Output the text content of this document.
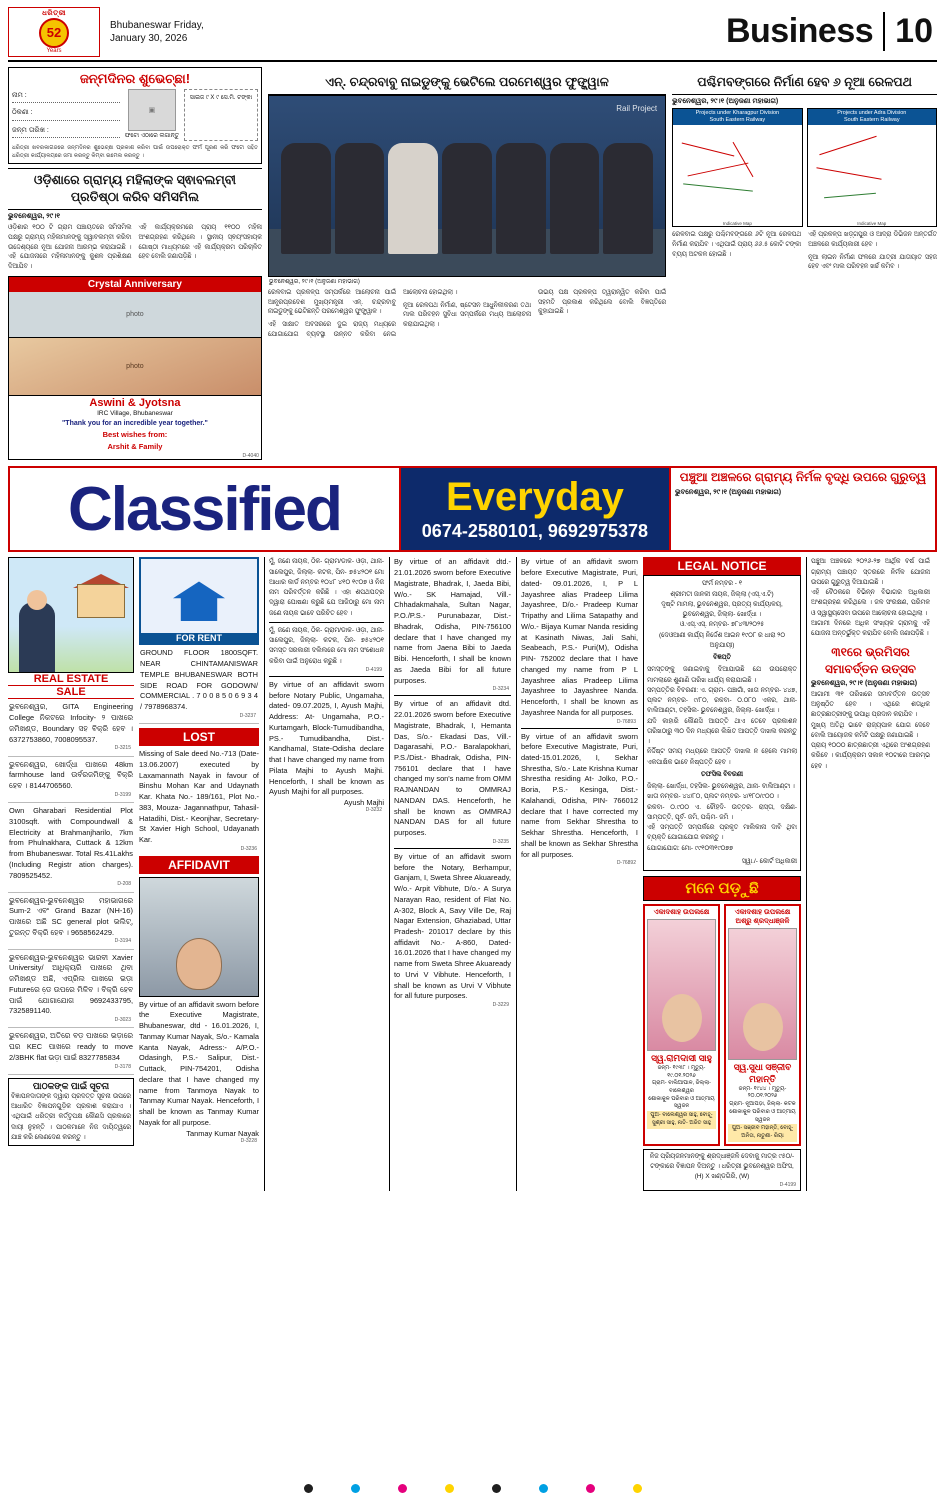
ଧରିତ୍ରୀ
52
Years
Bhubaneswar Friday,
January 30, 2026	Business 10
ଜନ୍ମଦିନର ଶୁଭେଚ୍ଛା!
ନାମ :
ଠିକଣା :
ଜନ୍ମ ତାରିଖ :
▣
ଫଟୋ ଏଠାରେ ଲଗାନ୍ତୁ
ସାଇଜ ୯ X ୯ ସେ.ମି. ଟଙ୍କା
ଧରିତ୍ରୀ ଖବରକାଗଜରେ ଜନ୍ମଦିନର ଶୁଭେଚ୍ଛା ପ୍ରକାଶ କରିବା ପାଇଁ ଉପରୋକ୍ତ ଫର୍ମ ପୂରଣ କରି ଫଟୋ ସହିତ ଧରିତ୍ରୀ କାର୍ଯ୍ୟାଳୟରେ ଜମା କରନ୍ତୁ କିମ୍ବା ଇମେଲ କରନ୍ତୁ ।
ଓଡ଼ିଶାରେ ଗ୍ରାମ୍ୟ ମହିଲାଙ୍କ ସ୍ଵାବଲମ୍ବୀ ପ୍ରତିଷ୍ଠା କରିବ ସମିସମିଲ
ଭୁବନେଶ୍ୱର, ୨୯।୧

ଓଡ଼ିଶାର ୧୦୦ ଟି ଗ୍ରାମ ପଞ୍ଚାୟତରେ ସମିସମିଲ ପକ୍ଷରୁ ଗ୍ରାମ୍ୟ ମହିଳାମାନଙ୍କୁ ସ୍ୱାବଲମ୍ବୀ କରିବା ଉଦ୍ଦେଶ୍ୟରେ ନୂଆ ଯୋଜନା ଆରମ୍ଭ କରାଯାଇଛି । ଏହି ଯୋଜନାରେ ମହିଳାମାନଙ୍କୁ କୁଶଳ ପ୍ରଶିକ୍ଷଣ ଦିଆଯିବ ।

ଏହି କାର୍ଯ୍ୟକ୍ରମରେ ପ୍ରାୟ ୧୧୦୦ ମହିଳା ଅଂଶଗ୍ରହଣ କରିଥିଲେ । ସ୍ଥାନୀୟ ସ୍ଵୟଂସହାୟକ ଗୋଷ୍ଠୀ ମାଧ୍ୟମରେ ଏହି କାର୍ଯ୍ୟକ୍ରମ ପରିଚାଳିତ ହେବ ବୋଲି ଜଣାପଡ଼ିଛି ।

Crystal Anniversary
photo
photo
Aswini & Jyotsna
IRC Village, Bhubaneswar
"Thank you for an incredible year together."
Best wishes from:
Arshit & Family
D-4040
ଏନ୍. ଚନ୍ଦ୍ରବାବୁ ନାଇଡୁଙ୍କୁ ଭେଟିଲେ ପରମେଶ୍ୱର ଫୁଙ୍କ୍ୱାଳ
Rail Project
ଭୁବନେଶ୍ୱର, ୨୯।୧ (ଅନୁଜଣା ମହାଭାଗ)

ରେଳବାଇ ପ୍ରକଳ୍ପ ସମ୍ପର୍କରେ ଆଲୋଚନା ପାଇଁ ଆନ୍ଧ୍ରପ୍ରଦେଶ ମୁଖ୍ୟମନ୍ତ୍ରୀ ଏନ୍. ଚନ୍ଦ୍ରବାବୁ ନାଇଡୁଙ୍କୁ ଭେଟିଛନ୍ତି ପରମେଶ୍ୱର ଫୁଙ୍କ୍ୱାଳ ।

ଏହି ସାକ୍ଷାତ ଅବସରରେ ଦୁଇ ରାଜ୍ୟ ମଧ୍ୟରେ ଯୋଗାଯୋଗ ବ୍ୟବସ୍ଥା ଉନ୍ନତ କରିବା ନେଇ ଆଲୋଚନା ହୋଇଥିଲା ।

ନୂଆ ରେଳପଥ ନିର୍ମାଣ, ଷ୍ଟେସନ ଆଧୁନିକୀକରଣ ତଥା ମାଲ ପରିବହନ ସୁବିଧା ସମ୍ପର୍କରେ ମଧ୍ୟ ଆଲୋଚନା କରାଯାଇଥିଲା ।

ଉଭୟ ପକ୍ଷ ପ୍ରକଳ୍ପ ତ୍ୱରାନ୍ୱିତ କରିବା ପାଇଁ ସହମତି ପ୍ରକାଶ କରିଥିଲେ ବୋଲି ବିଜ୍ଞପ୍ତିରେ କୁହାଯାଇଛି ।

ପଶ୍ଚିମବଙ୍ଗରେ ନିର୍ମାଣ ହେବ ୬ ନୂଆ ରେଳପଥ
ଭୁବନେଶ୍ୱର, ୨୯।୧ (ଅନୁଜଣା ମହାଭାଗ)
Projects under Kharagpur Division
South Eastern Railway
Indicative Map
Projects under Adra Division
South Eastern Railway
Indicative Map

ରେଳବାଇ ପକ୍ଷରୁ ପଶ୍ଚିମବଙ୍ଗରେ ୬ଟି ନୂଆ ରେଳପଥ ନିର୍ମାଣ କରାଯିବ । ଏଥିପାଇଁ ପ୍ରାୟ ୬୬.୫ କୋଟି ଟଙ୍କା ବ୍ୟୟ ଅଟକଳ ହୋଇଛି ।

ଏହି ପ୍ରକଳ୍ପ ଖଡ଼଼୍ଗପୁର ଓ ଆଦ୍ରା ଡିଭିଜନ ଅନ୍ତର୍ଗତ ଅଞ୍ଚଳରେ କାର୍ଯ୍ୟକାରୀ ହେବ ।

ନୂଆ ଲାଇନ ନିର୍ମାଣ ଫଳରେ ଯାତ୍ରୀ ଯାତାୟାତ ସହଜ ହେବ ଏବଂ ମାଲ ପରିବହନ ଖର୍ଚ୍ଚ କମିବ ।

Classified	Everyday
0674-2580101, 9692975378
ପଞ୍ଚୁଆ ଅଞ୍ଚଳରେ ଗ୍ରାମ୍ୟ ନିର୍ମଳ ବୃଦ୍ଧି ଉପରେ ଗୁରୁତ୍ୱ
ଭୁବନେଶ୍ୱର, ୨୯।୧ (ଅନୁଜଣା ମହାଭାଗ)
REAL ESTATE
SALE
ଭୁବନେଶ୍ୱର, GITA Engineering College ନିକଟରେ Infocity- ୨ ପାଖରେ ଜମିଖଣ୍ଡ, Boundary ସହ ବିକ୍ରି ହେବ । 6372753860, 7008095537.
D-3215
ଭୁବନେଶ୍ୱର, ଖୋର୍ଦ୍ଧା ପାଖରେ 48km farmhouse land ଉର୍ବରଜମିଙ୍କୁ ବିକ୍ରି ହେବ । 8144706560.
D-3199
Own Gharabari Residential Plot 3100sqft. with Compoundwall & Electricity at Brahmanjharilo, 7km from Phulnakhara, Cuttack & 12km from Bhubaneswar. Total Rs.41Lakhs (Including Registr ation charges). 7809525452.
D-208
ଭୁବନେଶ୍ୱର-ଭୁବନେଶ୍ୱର ମହାଭାଗରେ Sum-2 ଏବଂ Grand Bazar (NH-16) ପାଖରେ ଅଛି SC general plot ଭଲିଟ୍, ତୁରନ୍ତ ବିକ୍ରି ହେବ । 9658562429.
D-3194
ଭୁବନେଶ୍ୱର-ଭୁବନେଶ୍ୱର ଭାରବୀ Xavier University/ ଆଧିକ୍ୟରି ପାଖରେ ଥିବା ଜମିଖଣ୍ଡ ଅଛି, ଏପ୍ରିଲ ପାଖରେ ଭଡ଼ା Futureରେ ଡେ଼ ଉପରେ ମିଳିବ । ବିକ୍ରି ହେବ ପାଇଁ ଯୋଗାଯୋଗ 9692433795, 7325891140.
D-3023
ଭୁବନେଶ୍ୱର, ଅତିରେ ବଡ଼ ପାଖରେ ଭଡ଼ାରେ ଘର KEC ପାଖରେ ready to move 2/3BHK flat ଭଡ଼ା ପାଇଁ 8327785834
D-3178
ପାଠକଙ୍କ ପାଇଁ ସୂଚନା
ବିଜ୍ଞାପନଦାତାଙ୍କ ଦ୍ୱାରା ପ୍ରଦତ୍ତ ସୂଚନା ଉପରେ ଆଧାରିତ ବିଜ୍ଞାପନଗୁଡ଼ିକ ପ୍ରକାଶ କରାଯାଏ । ଏଥିପାଇଁ ଧରିତ୍ରୀ କର୍ତ୍ତୃପକ୍ଷ କୌଣସି ପ୍ରକାରେ ଦାୟୀ ନୁହନ୍ତି । ପାଠକମାନେ ନିଜ ଦାୟିତ୍ୱରେ ଯାଞ୍ଚ କରି ଲେଣଦେଣ କରନ୍ତୁ ।
FOR RENT
GROUND FLOOR 1800SQFT. NEAR CHINTAMANISWAR TEMPLE BHUBANESWAR BOTH SIDE ROAD FOR GODOWN/ COMMERCIAL . 7 0 0 8 5 0 6 9 3 4 / 7978968374.
D-3237
LOST
Missing of Sale deed No.-713 (Date- 13.06.2007) executed by Laxamannath Nayak in favour of Binshu Mohan Kar and Udaynath Kar. Khata No.- 189/161, Plot No.- 383, Mouza- Jagannathpur, Tahasil- Hatadihi, Dist.- Keonjhar, Secretary- St Xavier High School, Udayanath Kar.
D-3236
AFFIDAVIT
By virtue of an affidavit sworn before the Executive Magistrate, Bhubaneswar, dtd - 16.01.2026, I, Tanmay Kumar Nayak, S/o.- Kamala Kanta Nayak, Adress:- A/P.O.- Odasingh, P.S.- Salipur, Dist.- Cuttack, PIN-754201, Odisha declare that I have changed my name from Tanmoya Nayak to Tanmay Kumar Nayak. Henceforth, I shall be known as Tanmay Kumar Nayak for all purpose.
Tanmay Kumar Nayak
D-3228
ମୁଁ, ଜଣେ ନାୟକ, ଠିକ- ଗ୍ରାମ/ଡାକ- ଓଡ଼ା, ଥାନା- ସାଲେପୁର, ଜିଲ୍ଲା- କଟକ, ପିନ- ୭୫୪୨୦୧ ମୋ ଆଧାର କାର୍ଡ ନମ୍ବର ୧୦୪୮ ୪୧୦ ୧୯୦୭ ଓ ନିଜ ନାମ ପରିବର୍ତ୍ତନ କରିଛି । ଏହା ଶପଥପତ୍ର ଦ୍ୱାରା ଘୋଷଣା କରୁଛି ଯେ ଆଜିଠାରୁ ମୋ ନାମ ଜଣେ ନାୟକ ଭାବେ ପରିଚିତ ହେବ ।
ମୁଁ, ଜଣେ ନାୟକ, ଠିକ- ଗ୍ରାମ/ଡାକ- ଓଡ଼ା, ଥାନା- ସାଲେପୁର, ଜିଲ୍ଲା- କଟକ, ପିନ- ୭୫୪୨୦୧ ସମସ୍ତ ସରକାରୀ ଦଲିଲରେ ମୋ ନାମ ସଂଶୋଧନ କରିବା ପାଇଁ ଅନୁରୋଧ କରୁଛି ।
D-4199
By virtue of an affidavit sworn before Notary Public, Ungamaha, dated- 09.07.2025, I, Ayush Majhi, Address: At- Ungamaha, P.O.- Kurtamgarh, Block-Tumudibandha, PS.- Tumudibandha, Dist.- Kandhamal, State-Odisha declare that I have changed my name from Pilata Majhi to Ayush Majhi. Henceforth, I shall be known as Ayush Majhi for all purposes.
Ayush Majhi
D-3232
By virtue of an affidavit dtd.- 21.01.2026 sworn before Executive Magistrate, Bhadrak, I, Jaeda Bibi, W/o.- SK Hamajad, Vill.- Chhadakmahala, Sultan Nagar, P.O./P.S.- Purunabazar, Dist.- Bhadrak, Odisha, PIN-756100 declare that I have changed my name from Jaena Bibi to Jaeda Bibi. Henceforth, I shall be known as Jaeda Bibi for all future purposes.
D-3234
By virtue of an affidavit dtd. 22.01.2026 sworn before Executive Magistrate, Bhadrak, I, Hemanta Das, S/o.- Ekadasi Das, Vill.- Dagarasahi, P.O.- Baralapokhari, P.S./Dist.- Bhadrak, Odisha, PIN- 756101 declare that I have changed my son's name from OMM RAJNANDAN to OMMRAJ NANDAN DAS. Henceforth, he shall be known as OMMRAJ NANDAN DAS for all future purposes.
D-3235
By virtue of an affidavit sworn before the Notary, Berhampur, Ganjam, I, Sweta Shree Akuaready, W/o.- Arpit Vibhute, D/o.- A Surya Narayan Rao, resident of Flat No. A-302, Block A, Savy Ville De, Raj Nagar Extension, Ghaziabad, Uttar Pradesh- 201017 declare by this affidavit No.- A-860, Dated- 16.01.2026 that I have changed my name from Sweta Shree Akuaready to Urvi V Vibhute. Henceforth, I shall be known as Urvi V Vibhute for all future purposes.
D-3229
By virtue of an affidavit sworn before Executive Magistrate, Puri, dated- 09.01.2026, I, P L Jayashree alias Pradeep Lilima Jayashree, D/o.- Pradeep Kumar Tripathy and Lilima Satapathy and W/o.- Bijaya Kumar Nanda residing at Kasinath Niwas, Jali Sahi, Seabeach, P.S.- Puri(M), Odisha PIN- 752002 declare that I have changed my name from P L Jayashree alias Pradeep Lilima Jayashree to Jayashree Nanda. Henceforth, I shall be known as Jayashree Nanda for all purposes.
D-76893
By virtue of an affidavit sworn before Executive Magistrate, Puri, dated-15.01.2026, I, Sekhar Shrestha, S/o.- Late Krishna Kumar Shrestha residing At- Jolko, P.O.- Boria, P.S.- Kesinga, Dist.- Kalahandi, Odisha, PIN- 766012 declare that I have corrected my name from Sekhar Shrestha to Sekhar Shrestha. Henceforth, I shall be known as Sekhar Shrestha for all purposes.
D-76892
LEGAL NOTICE
ଫର୍ମ ନମ୍ବର - ୧
ଶ୍ରୀମତୀ ଜାନକୀ ନାୟକ, ଜିଲ୍ଲା (ଏସ୍.ଏ.ଟି)
ଦୃଷ୍ଟି ମାମଲା, ଭୁବନେଶ୍ୱର, ପ୍ରତ୍ୟ କାର୍ଯ୍ୟାଳୟ, ଭୁବନେଶ୍ୱର, ଜିଲ୍ଲା- ଖୋର୍ଦ୍ଧା ।
ଓ.ଏସ୍.ଏସ୍. ନମ୍ବର- ୭୮୪୩/୨୦୨୫
(ଦେଓଆଣୀ କାର୍ଯ୍ୟ ନିର୍ଦ୍ଦେଶ ଆଇନ ୧୯୦୮ ର ଧାରା ୨୦ ଅନୁଯାୟୀ)
ବିଜ୍ଞପ୍ତି
ସମସ୍ତଙ୍କୁ ଜଣାଇବାକୁ ଦିଆଯାଉଛି ଯେ ଉପରୋକ୍ତ ମାମଲାରେ ଶୁଣାଣି ତାରିଖ ଧାର୍ଯ୍ୟ କରାଯାଇଛି ।
ସମ୍ପତ୍ତିର ବିବରଣୀ: ଏ. ଗ୍ରାମ- ପଞ୍ଚାଗାଁ, ଖାତା ନମ୍ବର- ୪୪୭, ପ୍ଲଟ ନମ୍ବର- ୯/୮୦, ରକବା- ୦.୦୮୦ ଏକର, ଥାନା- ବାଲିଆଣ୍ଟା, ତହସିଲ- ଭୁବନେଶ୍ୱର, ଜିଲ୍ଲା- ଖୋର୍ଦ୍ଧା ।
ଯଦି କାହାରି କୌଣସି ଆପତ୍ତି ଥାଏ ତେବେ ପ୍ରକାଶନ ତାରିଖଠାରୁ ୩୦ ଦିନ ମଧ୍ୟରେ ଲିଖିତ ଆପତ୍ତି ଦାଖଲ କରନ୍ତୁ ।
ନିର୍ଦ୍ଦିଷ୍ଟ ସମୟ ମଧ୍ୟରେ ଆପତ୍ତି ଦାଖଲ ନ ହେଲେ ମାମଲା ଏକପାକ୍ଷିକ ଭାବେ ନିଷ୍ପତ୍ତି ହେବ ।
ତଫସିଲ ବିବରଣୀ
ଜିଲ୍ଲା- ଖୋର୍ଦ୍ଧା, ତହସିଲ- ଭୁବନେଶ୍ୱର, ଥାନା- ବାଲିଆଣ୍ଟା ।
ଖାତା ନମ୍ବର- ୪୪/୮୦, ପ୍ଲଟ ନମ୍ବର- ୪/୧୮୦/୯୦୦ ।
ରକବା- ୦.୯୦୦ ଏ. ଚୌହଦି- ଉତ୍ତର- ରାସ୍ତା, ଦକ୍ଷିଣ- ସାମ୍ପତ୍ତି, ପୂର୍ବ- ଜମି, ପଶ୍ଚିମ- ଜମି ।
ଏହି ସମ୍ପତ୍ତି ସମ୍ପର୍କରେ ପ୍ରକୃତ ମାଲିକାନା ଦାବି ଥିବା ବ୍ୟକ୍ତି ଯୋଗାଯୋଗ କରନ୍ତୁ ।
ଯୋଗାଯୋଗ: ମୋ- ୯୯୧୦୩୧୯୦୭୭
ସ୍ୱା./- କୋର୍ଟ ଅଧିକାରୀ
ମନେ ପଡ଼ୁଛି
ଏକାଦଶାହ ଉପଲକ୍ଷେ
ସ୍ୱ.ରାମଦାସୀ ସାହୁ
ଜନ୍ମ- ୧୯୩୮ । ମୃତ୍ୟୁ- ୧୯.୦୧.୨୦୨୬
ଗ୍ରାମ- ବାଲିଆପାଳ, ଜିଲ୍ଲା- ବାଲେଶ୍ୱର
ଶୋକାକୁଳ ପରିବାର ଓ ଆତ୍ମୀୟ ସ୍ୱଜନ
ପୁଅ- ବାଲେଶ୍ୱର ସାହୁ, ବୋହୂ- ସୁଶ୍ରୀ ସାହୁ, ନାତି- ଅଜିତ ସାହୁ
ଏକାଦଶାହ ଉପଲକ୍ଷେ ଅଶ୍ରୁ ଶ୍ରଦ୍ଧାଞ୍ଜଳି
ସ୍ୱ.ସୁଧା ସଞ୍ଜୀବ ମହାନ୍ତି
ଜନ୍ମ- ୧୯୪୪ । ମୃତ୍ୟୁ- ୨୦.୦୧.୨୦୨୬
ଗ୍ରାମ- ନୂଆପଡ଼ା, ଜିଲ୍ଲା- କଟକ
ଶୋକାକୁଳ ପରିବାର ଓ ଆତ୍ମୀୟ ସ୍ୱଜନ
ପୁଅ- ସଞ୍ଜୀବ ମହାନ୍ତି, ବୋହୂ- ଅନିତା, ନାତୁଣୀ- ରିୟା
ନିଜ ପ୍ରିୟଜନମାନଙ୍କୁ ଶ୍ରଦ୍ଧାଞ୍ଜଳି ଦେବାକୁ ମାତ୍ର ୯୫୦/- ଟଙ୍କାରେ ବିଜ୍ଞାପନ ଦିଅନ୍ତୁ । ଧରିତ୍ରୀ ଭୁବନେଶ୍ୱର ଅଫିସ, (H) X ଖଣ୍ଡଗିରି, (W)
D-4199
ପଞ୍ଚୁଆ ଅଞ୍ଚଳରେ ୨୦୨୬-୨୭ ଆର୍ଥିକ ବର୍ଷ ପାଇଁ ଗ୍ରାମ୍ୟ ପଞ୍ଚାୟତ ସ୍ତରରେ ନିର୍ମଳ ଯୋଜନା ଉପରେ ଗୁରୁତ୍ୱ ଦିଆଯାଇଛି ।
ଏହି ବୈଠକରେ ବିଭିନ୍ନ ବିଭାଗର ଅଧିକାରୀ ଅଂଶଗ୍ରହଣ କରିଥିଲେ । ଜଳ ସଂରକ୍ଷଣ, ପରିମଳ ଓ ସ୍ୱାସ୍ଥ୍ୟସେବା ଉପରେ ଆଲୋଚନା ହୋଇଥିଲା ।
ଆଗାମୀ ଦିନରେ ଅଧିକ ସଂଖ୍ୟକ ଗ୍ରାମକୁ ଏହି ଯୋଜନା ଅନ୍ତର୍ଭୁକ୍ତ କରାଯିବ ବୋଲି ଜଣାପଡ଼ିଛି ।
୩୧ରେ ଭ୍ରମିସର ସମାବର୍ତ୍ତନ ଉତ୍ସବ
ଭୁବନେଶ୍ୱର, ୨୯।୧ (ଅନୁଜଣା ମହାଭାଗ)
ଆଗାମୀ ୩୧ ତାରିଖରେ ସମାବର୍ତ୍ତନ ଉତ୍ସବ ଅନୁଷ୍ଠିତ ହେବ । ଏଥିରେ ଶତାଧିକ ଛାତ୍ରଛାତ୍ରୀଙ୍କୁ ଉପାଧି ପ୍ରଦାନ କରାଯିବ ।
ମୁଖ୍ୟ ଅତିଥି ଭାବେ ରାଜ୍ୟପାଳ ଯୋଗ ଦେବେ ବୋଲି ଆୟୋଜକ କମିଟି ପକ୍ଷରୁ ଜଣାଯାଇଛି ।
ପ୍ରାୟ ୧୦୦୦ ଛାତ୍ରଛାତ୍ରୀ ଏଥିରେ ଅଂଶଗ୍ରହଣ କରିବେ । କାର୍ଯ୍ୟକ୍ରମ ସକାଳ ୧୦ଟାରେ ଆରମ୍ଭ ହେବ ।
